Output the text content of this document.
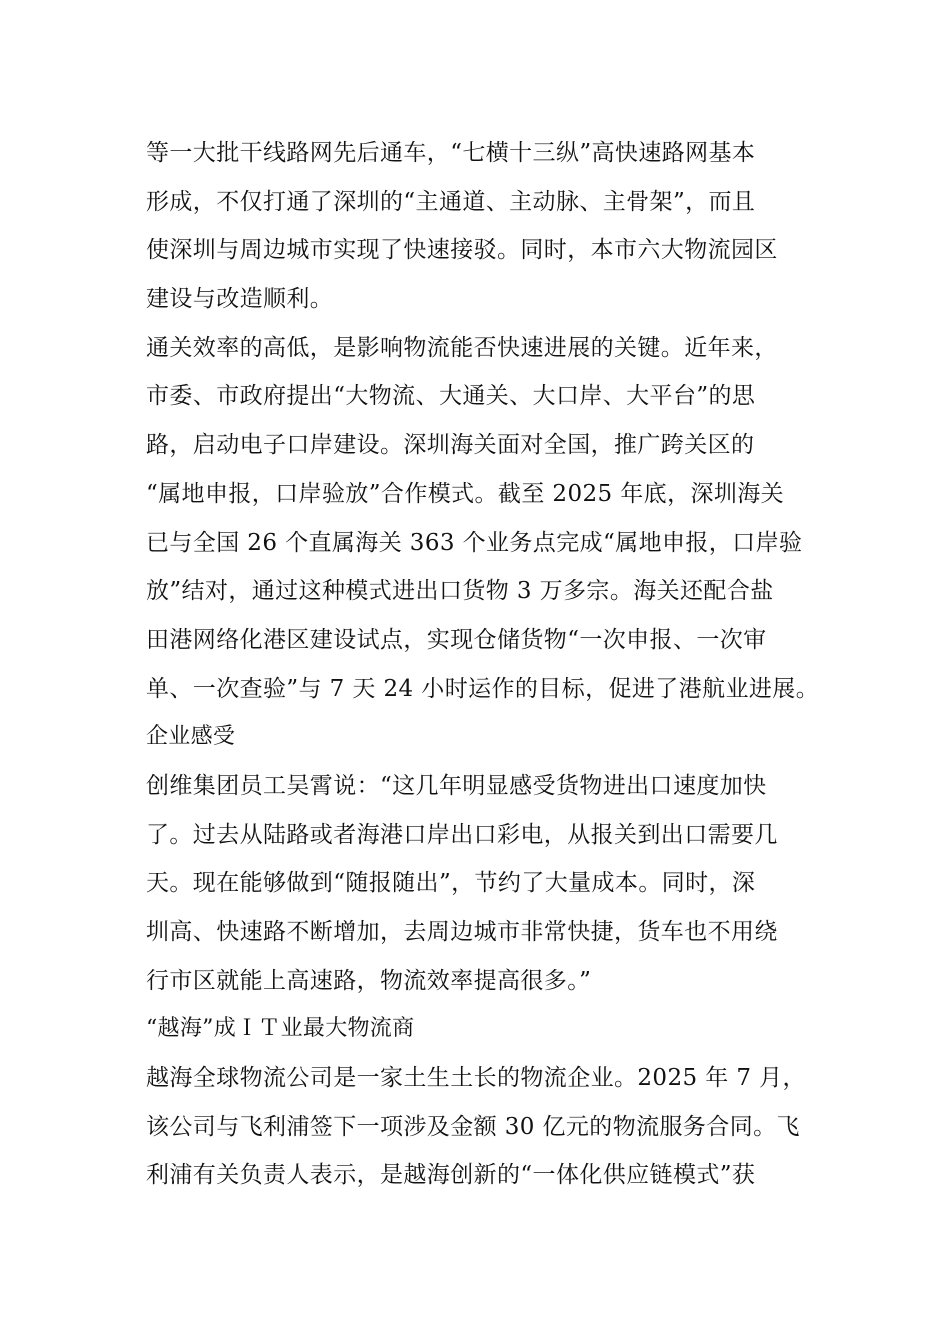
等一大批干线路网先后通车，“七横十三纵”高快速路网基本
形成，不仅打通了深圳的“主通道、主动脉、主骨架”，而且
使深圳与周边城市实现了快速接驳。同时，本市六大物流园区
建设与改造顺利。
通关效率的高低，是影响物流能否快速进展的关键。近年来，
市委、市政府提出“大物流、大通关、大口岸、大平台”的思
路，启动电子口岸建设。深圳海关面对全国，推广跨关区的
“属地申报，口岸验放”合作模式。截至 2025 年底，深圳海关
已与全国 26 个直属海关 363 个业务点完成“属地申报，口岸验
放”结对，通过这种模式进出口货物 3 万多宗。海关还配合盐
田港网络化港区建设试点，实现仓储货物“一次申报、一次审
单、一次查验”与 7 天 24 小时运作的目标，促进了港航业进展。
企业感受
创维集团员工吴霄说：“这几年明显感受货物进出口速度加快
了。过去从陆路或者海港口岸出口彩电，从报关到出口需要几
天。现在能够做到“随报随出”，节约了大量成本。同时，深
圳高、快速路不断增加，去周边城市非常快捷，货车也不用绕
行市区就能上高速路，物流效率提高很多。”
“越海”成ＩＴ业最大物流商
越海全球物流公司是一家土生土长的物流企业。2025 年 7 月，
该公司与飞利浦签下一项涉及金额 30 亿元的物流服务合同。飞
利浦有关负责人表示，是越海创新的“一体化供应链模式”获
